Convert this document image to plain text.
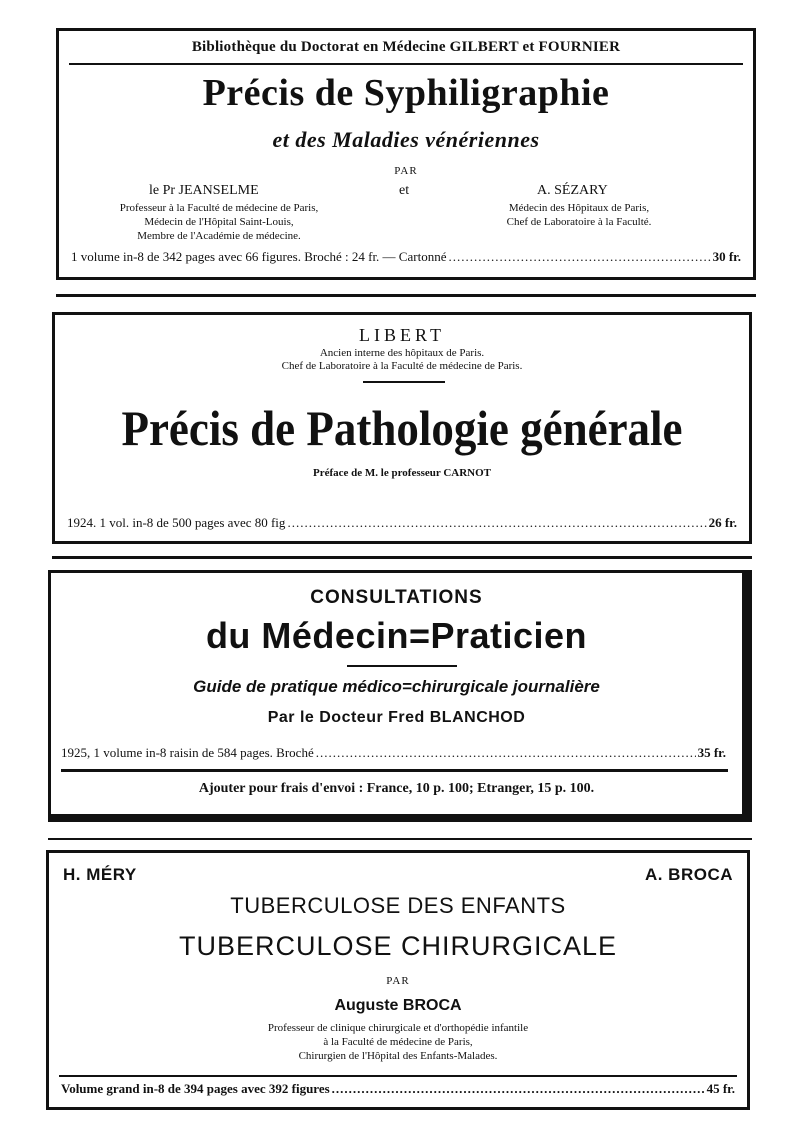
Bibliothèque du Doctorat en Médecine GILBERT et FOURNIER
Précis de Syphiligraphie
et des Maladies vénériennes
PAR
le Pr JEANSELME	et	A. SÉZARY
Professeur à la Faculté de médecine de Paris,
Médecin de l'Hôpital Saint-Louis,
Membre de l'Académie de médecine.
Médecin des Hôpitaux de Paris,
Chef de Laboratoire à la Faculté.
1 volume in-8 de 342 pages avec 66 figures. Broché : 24 fr. — Cartonné .....	30 fr.
LIBERT
Ancien interne des hôpitaux de Paris.
Chef de Laboratoire à la Faculté de médecine de Paris.
Précis de Pathologie générale
Préface de M. le professeur CARNOT
1924. 1 vol. in-8 de 500 pages avec 80 fig .....	26 fr.
CONSULTATIONS
du Médecin=Praticien
Guide de pratique médico=chirurgicale journalière
Par le Docteur Fred BLANCHOD
1925, 1 volume in-8 raisin de 584 pages. Broché .....	35 fr.
Ajouter pour frais d'envoi : France, 10 p. 100; Etranger, 15 p. 100.
H. MÉRY	A. BROCA
TUBERCULOSE DES ENFANTS
TUBERCULOSE CHIRURGICALE
PAR
Auguste BROCA
Professeur de clinique chirurgicale et d'orthopédie infantile
à la Faculté de médecine de Paris,
Chirurgien de l'Hôpital des Enfants-Malades.
Volume grand in-8 de 394 pages avec 392 figures .....	45 fr.
